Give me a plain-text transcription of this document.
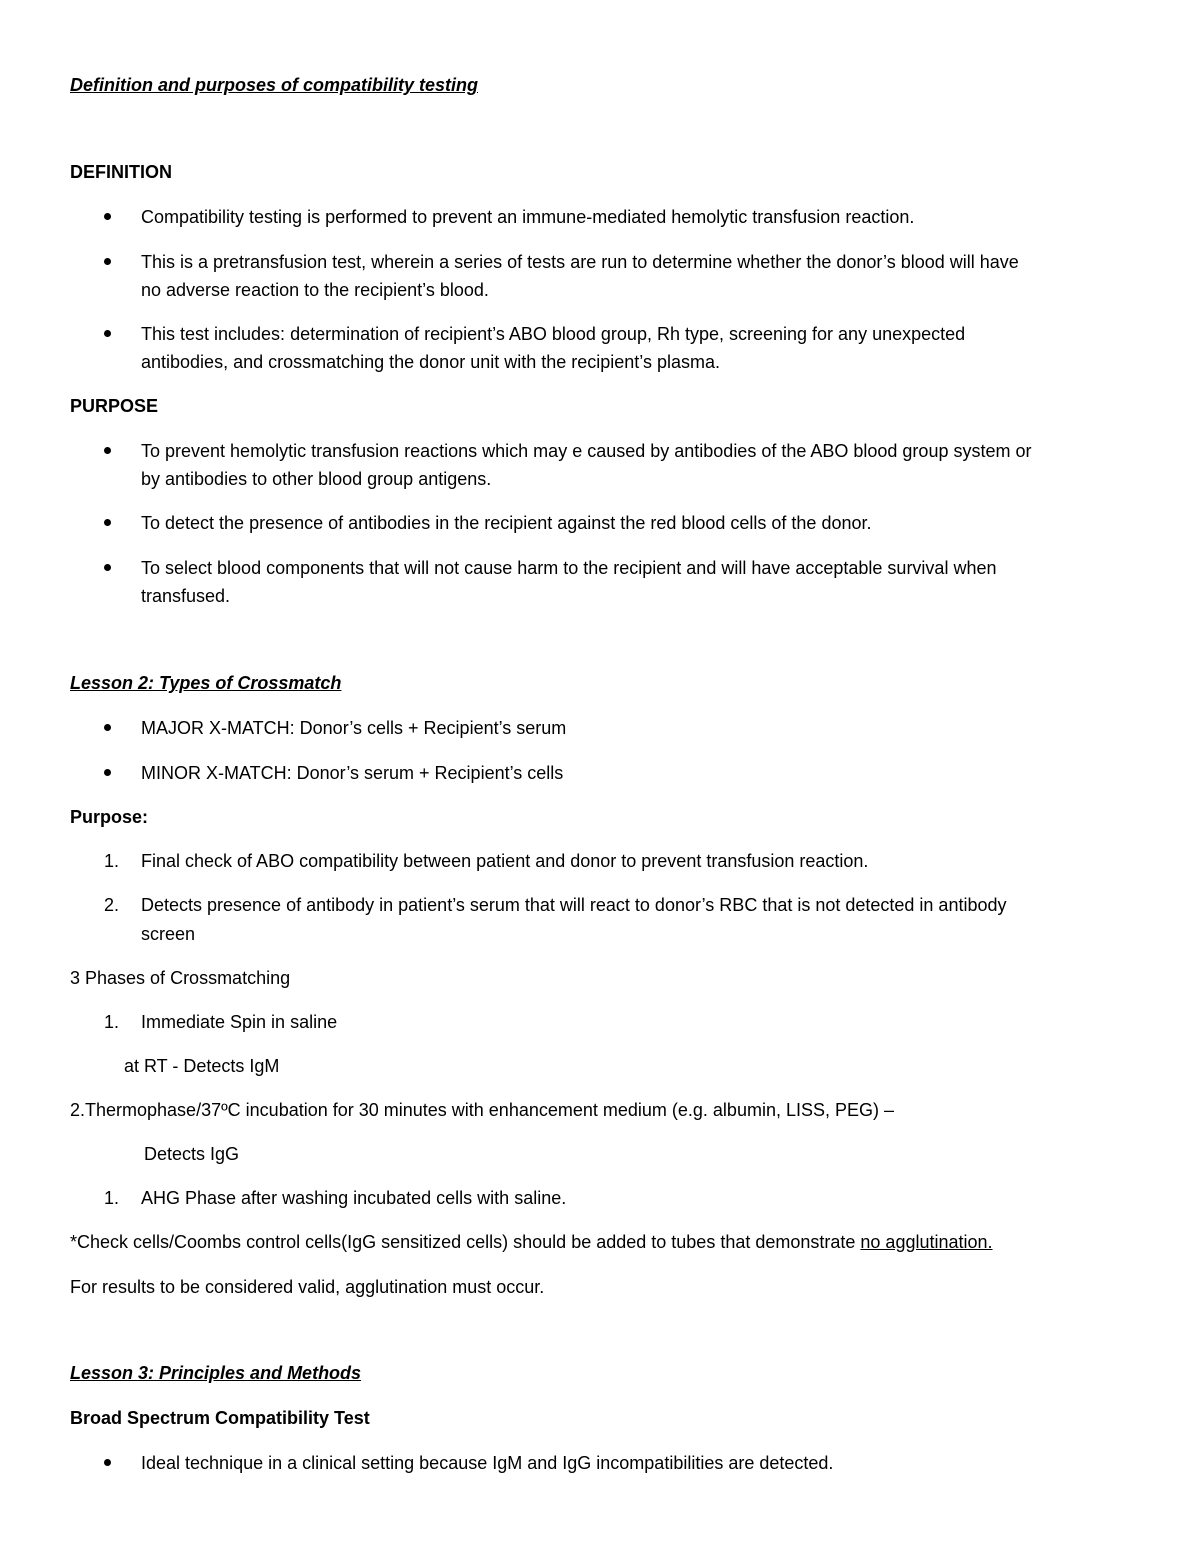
Definition and purposes of compatibility testing
DEFINITION
Compatibility testing is performed to prevent an immune-mediated hemolytic transfusion reaction.
This is a pretransfusion test, wherein a series of tests are run to determine whether the donor’s blood will have
no adverse reaction to the recipient’s blood.
This test includes: determination of recipient’s ABO blood group, Rh type, screening for any unexpected
antibodies, and crossmatching the donor unit with the recipient’s plasma.
PURPOSE
To prevent hemolytic transfusion reactions which may e caused by antibodies of the ABO blood group system or
by antibodies to other blood group antigens.
To detect the presence of antibodies in the recipient against the red blood cells of the donor.
To select blood components that will not cause harm to the recipient and will have acceptable survival when
transfused.
Lesson 2: Types of Crossmatch
MAJOR X-MATCH: Donor’s cells + Recipient’s serum
MINOR X-MATCH: Donor’s serum + Recipient’s cells
Purpose:
1. Final check of ABO compatibility between patient and donor to prevent transfusion reaction.
2. Detects presence of antibody in patient’s serum that will react to donor’s RBC that is not detected in antibody
screen
3 Phases of Crossmatching
1. Immediate Spin in saline
at RT - Detects IgM
2.Thermophase/37ºC incubation for 30 minutes with enhancement medium (e.g. albumin, LISS, PEG) –
Detects IgG
1. AHG Phase after washing incubated cells with saline.
*Check cells/Coombs control cells(IgG sensitized cells) should be added to tubes that demonstrate no agglutination.
For results to be considered valid, agglutination must occur.
Lesson 3: Principles and Methods
Broad Spectrum Compatibility Test
Ideal technique in a clinical setting because IgM and IgG incompatibilities are detected.
